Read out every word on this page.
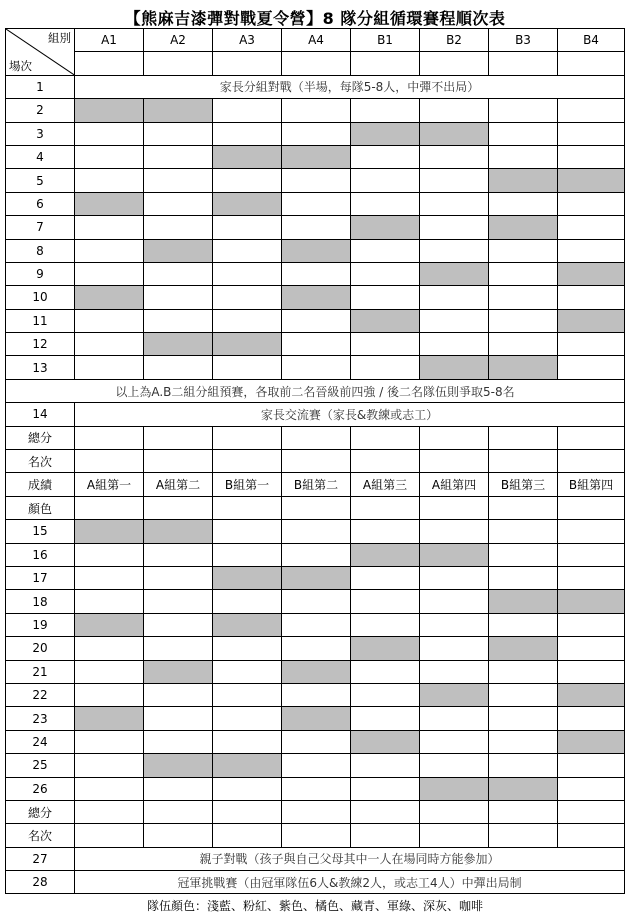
【熊麻吉漆彈對戰夏令營】8 隊分組循環賽程順次表
組別
場次	A1	A2	A3	A4	B1	B2	B3	B4

1	家長分組對戰（半場，每隊5-8人，中彈不出局）							
2								
3								
4								
5								
6								
7								
8								
9								
10								
11								
12								
13								
以上為A.B二組分組預賽，各取前二名晉級前四強 / 後二名隊伍則爭取5-8名								
14	家長交流賽（家長&教練或志工）							
總分								
名次								
成績	A組第一	A組第二	B組第一	B組第二	A組第三	A組第四	B組第三	B組第四
顏色								
15								
16								
17								
18								
19								
20								
21								
22								
23								
24								
25								
26								
總分								
名次								
27	親子對戰（孩子與自己父母其中一人在場同時方能參加）							
28	冠軍挑戰賽（由冠軍隊伍6人&教練2人，或志工4人）中彈出局制							
隊伍顏色：淺藍、粉紅、紫色、橘色、藏青、軍綠、深灰、咖啡
